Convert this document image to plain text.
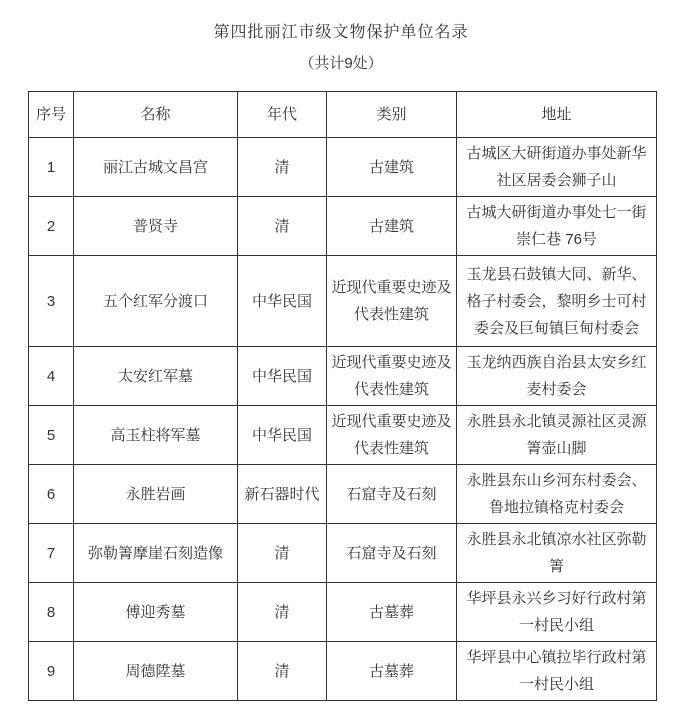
第四批丽江市级文物保护单位名录
（共计9处）
序号	名称	年代	类别	地址
1	丽江古城文昌宫	清	古建筑	古城区大研街道办事处新华社区居委会狮子山
2	普贤寺	清	古建筑	古城大研街道办事处七一街崇仁巷 76号
3	五个红军分渡口	中华民国	近现代重要史迹及代表性建筑	玉龙县石鼓镇大同、新华、格子村委会，黎明乡士可村委会及巨甸镇巨甸村委会
4	太安红军墓	中华民国	近现代重要史迹及代表性建筑	玉龙纳西族自治县太安乡红麦村委会
5	高玉柱将军墓	中华民国	近现代重要史迹及代表性建筑	永胜县永北镇灵源社区灵源箐壶山脚
6	永胜岩画	新石器时代	石窟寺及石刻	永胜县东山乡河东村委会、鲁地拉镇格克村委会
7	弥勒箐摩崖石刻造像	清	石窟寺及石刻	永胜县永北镇凉水社区弥勒箐
8	傅迎秀墓	清	古墓葬	华坪县永兴乡习好行政村第一村民小组
9	周德陞墓	清	古墓葬	华坪县中心镇拉毕行政村第一村民小组
